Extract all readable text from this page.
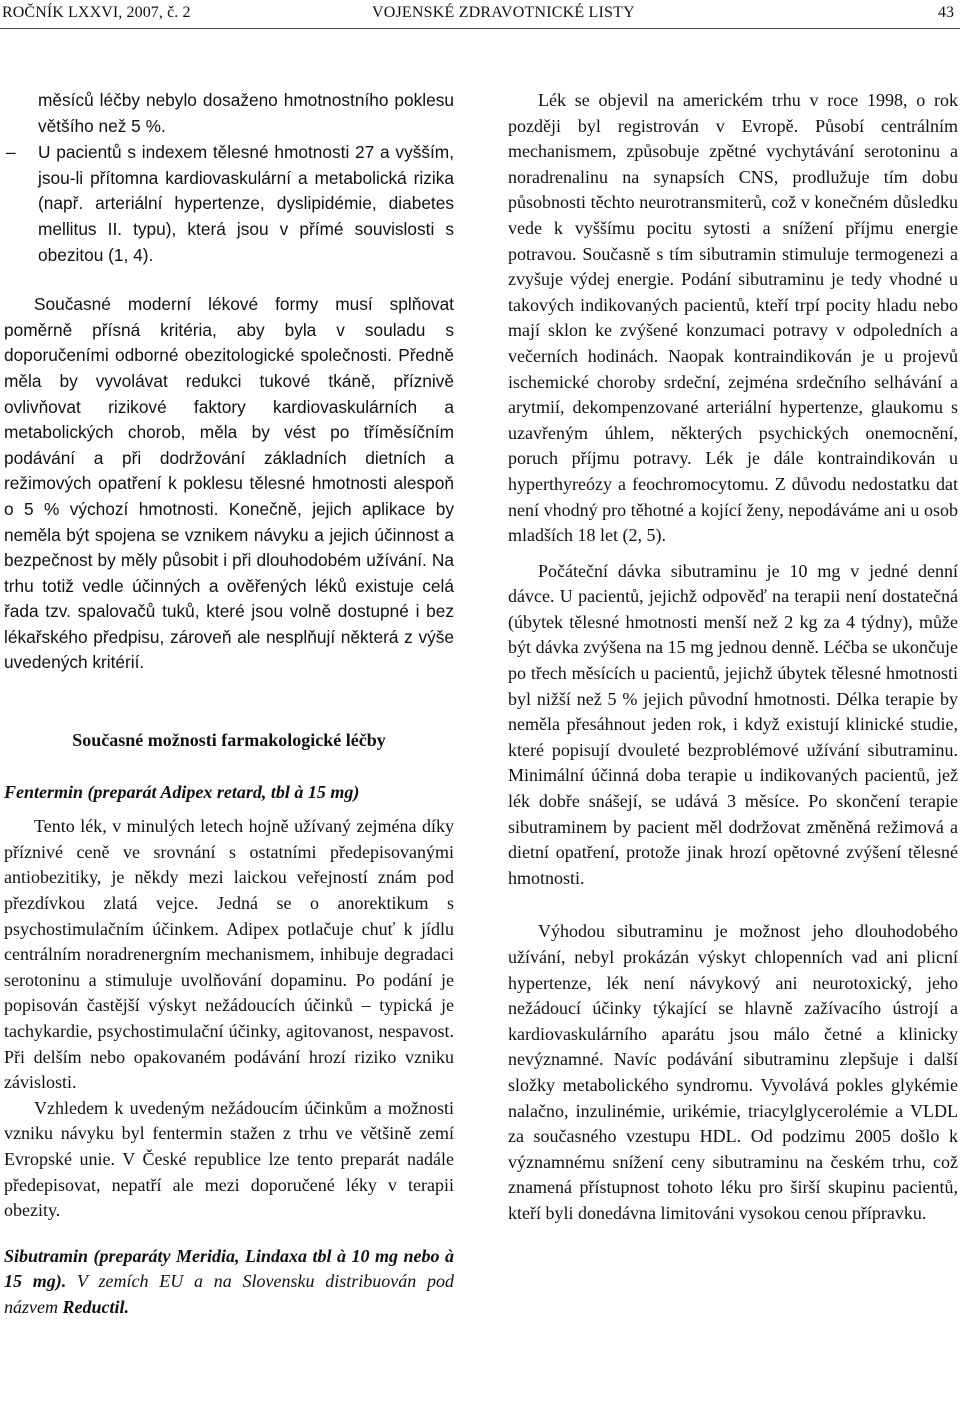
ROČNÍK LXXVI, 2007, č. 2	VOJENSKÉ ZDRAVOTNICKÉ LISTY	43

měsíců léčby nebylo dosaženo hmotnostního poklesu většího než 5 %.

– U pacientů s indexem tělesné hmotnosti 27 a vyšším, jsou-li přítomna kardiovaskulární a metabolická rizika (např. arteriální hypertenze, dyslipidémie, diabetes mellitus II. typu), která jsou v přímé souvislosti s obezitou (1, 4).

Současné moderní lékové formy musí splňovat poměrně přísná kritéria, aby byla v souladu s doporučeními odborné obezitologické společnosti. Předně měla by vyvolávat redukci tukové tkáně, příznivě ovlivňovat rizikové faktory kardiovaskulárních a metabolických chorob, měla by vést po tříměsíčním podávání a při dodržování základních dietních a režimových opatření k poklesu tělesné hmotnosti alespoň o 5 % výchozí hmotnosti. Konečně, jejich aplikace by neměla být spojena se vznikem návyku a jejich účinnost a bezpečnost by měly působit i při dlouhodobém užívání. Na trhu totiž vedle účinných a ověřených léků existuje celá řada tzv. spalovačů tuků, které jsou volně dostupné i bez lékařského předpisu, zároveň ale nesplňují některá z výše uvedených kritérií.

Současné možnosti farmakologické léčby

Fentermin (preparát Adipex retard, tbl à 15 mg)

Tento lék, v minulých letech hojně užívaný zejména díky příznivé ceně ve srovnání s ostatními předepisovanými antiobezitiky, je někdy mezi laickou veřejností znám pod přezdívkou zlatá vejce. Jedná se o anorektikum s psychostimulačním účinkem. Adipex potlačuje chuť k jídlu centrálním noradrenergním mechanismem, inhibuje degradaci serotoninu a stimuluje uvolňování dopaminu. Po podání je popisován častější výskyt nežádoucích účinků – typická je tachykardie, psychostimulační účinky, agitovanost, nespavost. Při delším nebo opakovaném podávání hrozí riziko vzniku závislosti.

Vzhledem k uvedeným nežádoucím účinkům a možnosti vzniku návyku byl fentermin stažen z trhu ve většině zemí Evropské unie. V České republice lze tento preparát nadále předepisovat, nepatří ale mezi doporučené léky v terapii obezity.

Sibutramin (preparáty Meridia, Lindaxa tbl à 10 mg nebo à 15 mg). V zemích EU a na Slovensku distribuován pod názvem Reductil.

Lék se objevil na americkém trhu v roce 1998, o rok později byl registrován v Evropě. Působí centrálním mechanismem, způsobuje zpětné vychytávání serotoninu a noradrenalinu na synapsích CNS, prodlužuje tím dobu působnosti těchto neurotransmiterů, což v konečném důsledku vede k vyššímu pocitu sytosti a snížení příjmu energie potravou. Současně s tím sibutramin stimuluje termogenezi a zvyšuje výdej energie. Podání sibutraminu je tedy vhodné u takových indikovaných pacientů, kteří trpí pocity hladu nebo mají sklon ke zvýšené konzumaci potravy v odpoledních a večerních hodinách. Naopak kontraindikován je u projevů ischemické choroby srdeční, zejména srdečního selhávání a arytmií, dekompenzované arteriální hypertenze, glaukomu s uzavřeným úhlem, některých psychických onemocnění, poruch příjmu potravy. Lék je dále kontraindikován u hyperthyreózy a feochromocytomu. Z důvodu nedostatku dat není vhodný pro těhotné a kojící ženy, nepodáváme ani u osob mladších 18 let (2, 5).

Počáteční dávka sibutraminu je 10 mg v jedné denní dávce. U pacientů, jejichž odpověď na terapii není dostatečná (úbytek tělesné hmotnosti menší než 2 kg za 4 týdny), může být dávka zvýšena na 15 mg jednou denně. Léčba se ukončuje po třech měsících u pacientů, jejichž úbytek tělesné hmotnosti byl nižší než 5 % jejich původní hmotnosti. Délka terapie by neměla přesáhnout jeden rok, i když existují klinické studie, které popisují dvouleté bezproblémové užívání sibutraminu. Minimální účinná doba terapie u indikovaných pacientů, jež lék dobře snášejí, se udává 3 měsíce. Po skončení terapie sibutraminem by pacient měl dodržovat změněná režimová a dietní opatření, protože jinak hrozí opětovné zvýšení tělesné hmotnosti.

Výhodou sibutraminu je možnost jeho dlouhodobého užívání, nebyl prokázán výskyt chlopenních vad ani plicní hypertenze, lék není návykový ani neurotoxický, jeho nežádoucí účinky týkající se hlavně zažívacího ústrojí a kardiovaskulárního aparátu jsou málo četné a klinicky nevýznamné. Navíc podávání sibutraminu zlepšuje i další složky metabolického syndromu. Vyvolává pokles glykémie nalačno, inzulinémie, urikémie, triacylglycerolémie a VLDL za současného vzestupu HDL. Od podzimu 2005 došlo k významnému snížení ceny sibutraminu na českém trhu, což znamená přístupnost tohoto léku pro širší skupinu pacientů, kteří byli donedávna limitováni vysokou cenou přípravku.
